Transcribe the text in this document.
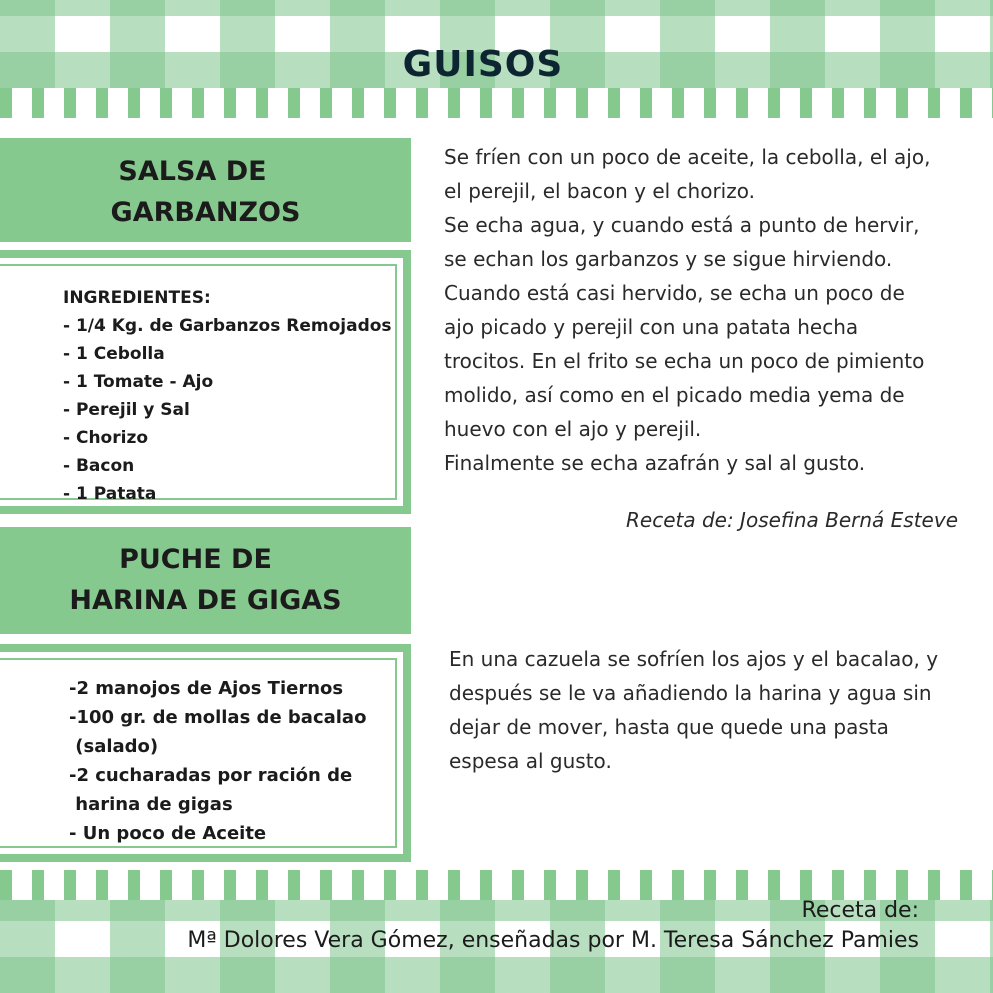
GUISOS
SALSA DE
GARBANZOS
INGREDIENTES:
- 1/4 Kg. de Garbanzos Remojados
- 1 Cebolla
- 1 Tomate - Ajo
- Perejil y Sal
- Chorizo
- Bacon
- 1 Patata
Se fríen con un poco de aceite, la cebolla, el ajo,
el perejil, el bacon y el chorizo.
Se echa agua, y cuando está a punto de hervir,
se echan los garbanzos y se sigue hirviendo.
Cuando está casi hervido, se echa un poco de
ajo picado y perejil con una patata hecha
trocitos. En el frito se echa un poco de pimiento
molido, así como en el picado media yema de
huevo con el ajo y perejil.
Finalmente se echa azafrán y sal al gusto.
Receta de: Josefina Berná Esteve
PUCHE DE
HARINA DE GIGAS
-2 manojos de Ajos Tiernos
-100 gr. de mollas de bacalao
(salado)
-2 cucharadas por ración de
harina de gigas
- Un poco de Aceite
En una cazuela se sofríen los ajos y el bacalao, y
después se le va añadiendo la harina y agua sin
dejar de mover, hasta que quede una pasta
espesa al gusto.
Receta de:
Mª Dolores Vera Gómez, enseñadas por M. Teresa Sánchez Pamies
